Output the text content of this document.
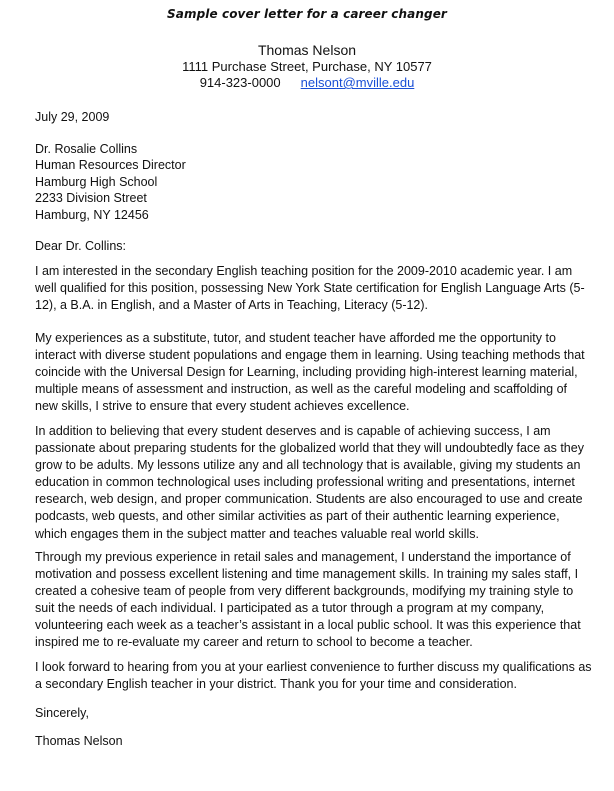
Sample cover letter for a career changer
Thomas Nelson
1111 Purchase Street, Purchase, NY 10577
914-323-0000 nelsont@mville.edu
July 29, 2009
Dr. Rosalie Collins
Human Resources Director
Hamburg High School
2233 Division Street
Hamburg, NY 12456
Dear Dr. Collins:
I am interested in the secondary English teaching position for the 2009-2010 academic year. I am
well qualified for this position, possessing New York State certification for English Language Arts (5-
12), a B.A. in English, and a Master of Arts in Teaching, Literacy (5-12).
My experiences as a substitute, tutor, and student teacher have afforded me the opportunity to
interact with diverse student populations and engage them in learning. Using teaching methods that
coincide with the Universal Design for Learning, including providing high-interest learning material,
multiple means of assessment and instruction, as well as the careful modeling and scaffolding of
new skills, I strive to ensure that every student achieves excellence.
In addition to believing that every student deserves and is capable of achieving success, I am
passionate about preparing students for the globalized world that they will undoubtedly face as they
grow to be adults. My lessons utilize any and all technology that is available, giving my students an
education in common technological uses including professional writing and presentations, internet
research, web design, and proper communication. Students are also encouraged to use and create
podcasts, web quests, and other similar activities as part of their authentic learning experience,
which engages them in the subject matter and teaches valuable real world skills.
Through my previous experience in retail sales and management, I understand the importance of
motivation and possess excellent listening and time management skills. In training my sales staff, I
created a cohesive team of people from very different backgrounds, modifying my training style to
suit the needs of each individual. I participated as a tutor through a program at my company,
volunteering each week as a teacher’s assistant in a local public school. It was this experience that
inspired me to re-evaluate my career and return to school to become a teacher.
I look forward to hearing from you at your earliest convenience to further discuss my qualifications as
a secondary English teacher in your district. Thank you for your time and consideration.
Sincerely,
Thomas Nelson
